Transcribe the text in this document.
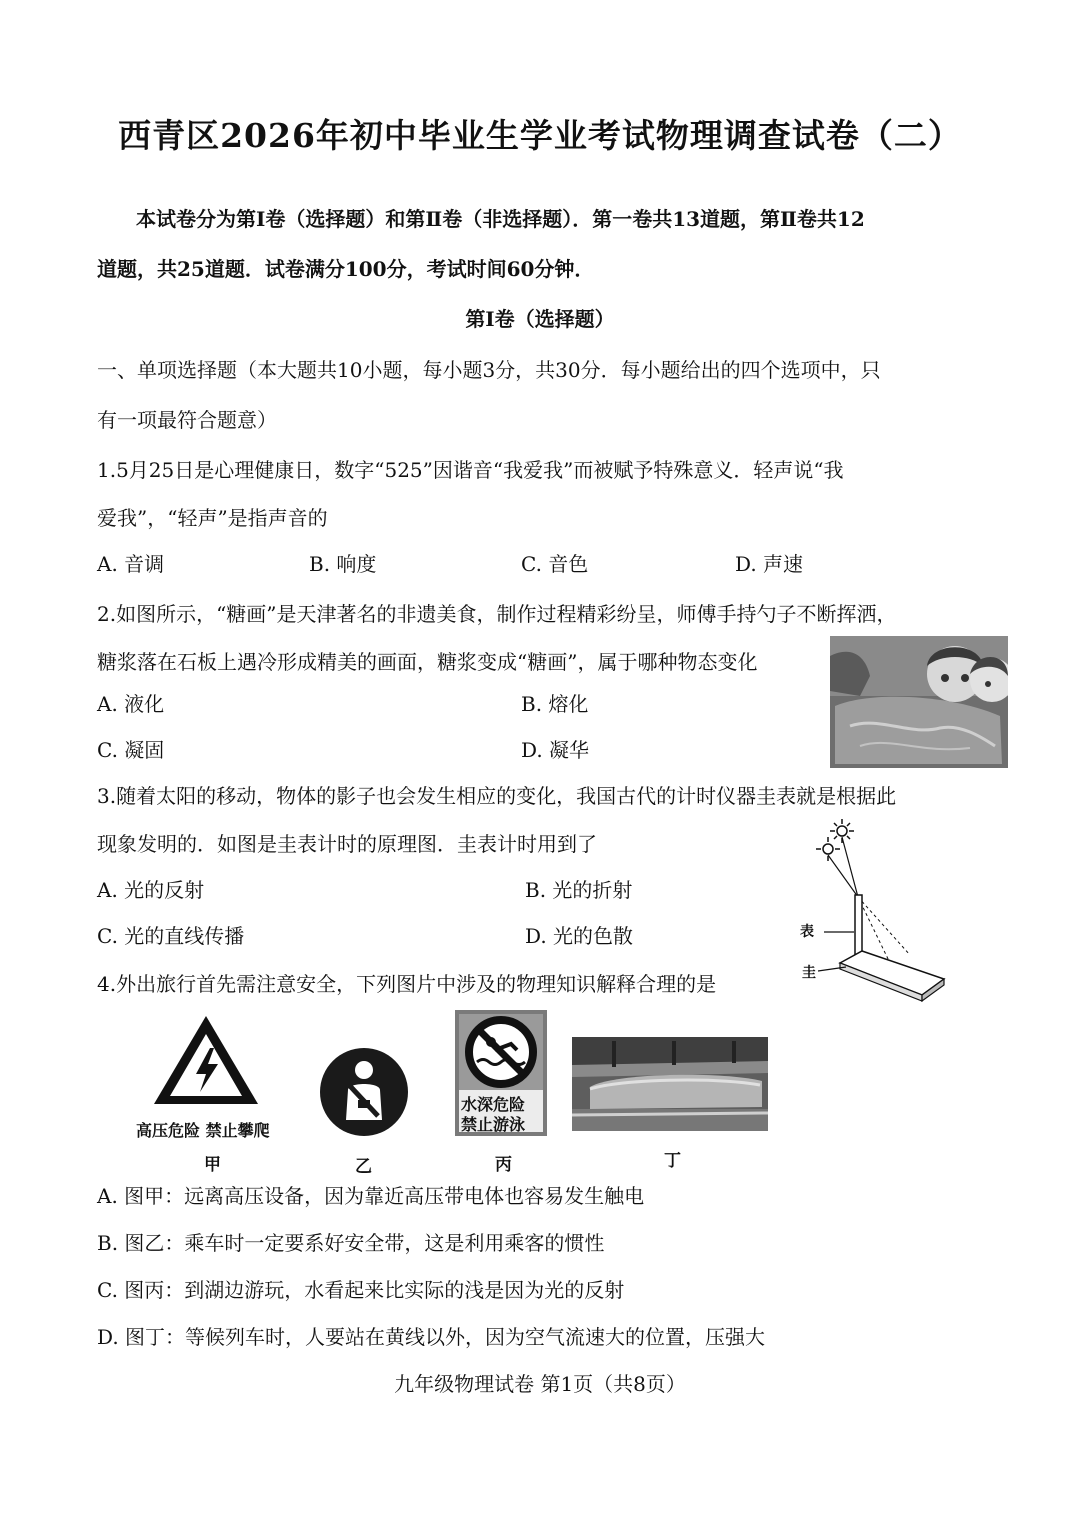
西青区2026年初中毕业生学业考试物理调查试卷（二）
本试卷分为第Ⅰ卷（选择题）和第Ⅱ卷（非选择题）．第一卷共13道题，第Ⅱ卷共12
道题，共25道题．试卷满分100分，考试时间60分钟．
第Ⅰ卷（选择题）
一、单项选择题（本大题共10小题，每小题3分，共30分．每小题给出的四个选项中，只
有一项最符合题意）
1.5月25日是心理健康日，数字“525”因谐音“我爱我”而被赋予特殊意义．轻声说“我
爱我”，“轻声”是指声音的
A. 音调	B. 响度	C. 音色	D. 声速
2.如图所示，“糖画”是天津著名的非遗美食，制作过程精彩纷呈，师傅手持勺子不断挥洒，
糖浆落在石板上遇冷形成精美的画面，糖浆变成“糖画”，属于哪种物态变化
A. 液化	B. 熔化
C. 凝固	D. 凝华
3.随着太阳的移动，物体的影子也会发生相应的变化，我国古代的计时仪器圭表就是根据此
现象发明的．如图是圭表计时的原理图．圭表计时用到了
A. 光的反射	B. 光的折射
C. 光的直线传播	D. 光的色散	表
圭
4.外出旅行首先需注意安全，下列图片中涉及的物理知识解释合理的是
高压危险 禁止攀爬
水深危险
禁止游泳
甲	乙	丙	丁
A. 图甲：远离高压设备，因为靠近高压带电体也容易发生触电
B. 图乙：乘车时一定要系好安全带，这是利用乘客的惯性
C. 图丙：到湖边游玩，水看起来比实际的浅是因为光的反射
D. 图丁：等候列车时，人要站在黄线以外，因为空气流速大的位置，压强大
九年级物理试卷 第1页（共8页）
